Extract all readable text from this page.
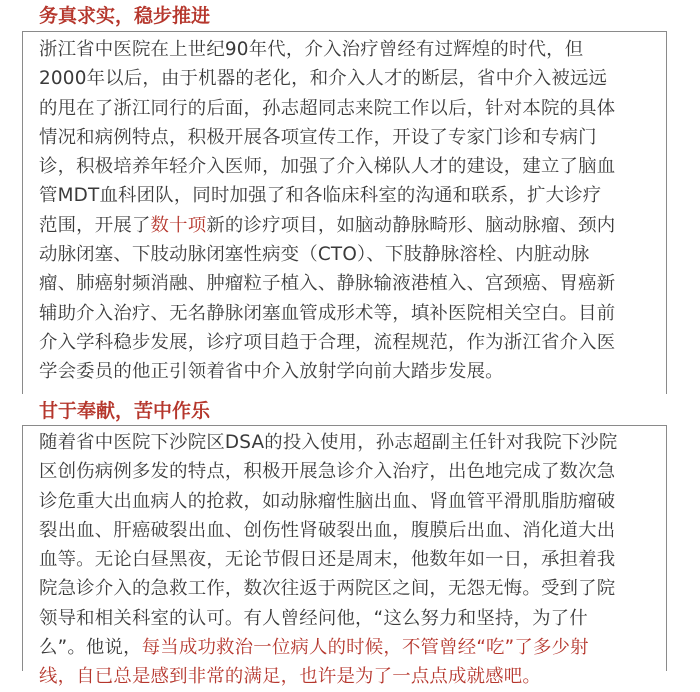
务真求实，稳步推进

浙江省中医院在上世纪90年代，介入治疗曾经有过辉煌的时代，但
2000年以后，由于机器的老化，和介入人才的断层，省中介入被远远
的甩在了浙江同行的后面，孙志超同志来院工作以后，针对本院的具体
情况和病例特点，积极开展各项宣传工作，开设了专家门诊和专病门
诊，积极培养年轻介入医师，加强了介入梯队人才的建设，建立了脑血
管MDT血科团队，同时加强了和各临床科室的沟通和联系，扩大诊疗
范围，开展了数十项新的诊疗项目，如脑动静脉畸形、脑动脉瘤、颈内
动脉闭塞、下肢动脉闭塞性病变（CTO）、下肢静脉溶栓、内脏动脉
瘤、肺癌射频消融、肿瘤粒子植入、静脉输液港植入、宫颈癌、胃癌新
辅助介入治疗、无名静脉闭塞血管成形术等，填补医院相关空白。目前
介入学科稳步发展，诊疗项目趋于合理，流程规范，作为浙江省介入医
学会委员的他正引领着省中介入放射学向前大踏步发展。

甘于奉献，苦中作乐

随着省中医院下沙院区DSA的投入使用，孙志超副主任针对我院下沙院
区创伤病例多发的特点，积极开展急诊介入治疗，出色地完成了数次急
诊危重大出血病人的抢救，如动脉瘤性脑出血、肾血管平滑肌脂肪瘤破
裂出血、肝癌破裂出血、创伤性肾破裂出血，腹膜后出血、消化道大出
血等。无论白昼黑夜，无论节假日还是周末，他数年如一日，承担着我
院急诊介入的急救工作，数次往返于两院区之间，无怨无悔。受到了院
领导和相关科室的认可。有人曾经问他，“这么努力和坚持，为了什
么”。他说，每当成功救治一位病人的时候，不管曾经“吃”了多少射
线，自已总是感到非常的满足，也许是为了一点点成就感吧。
